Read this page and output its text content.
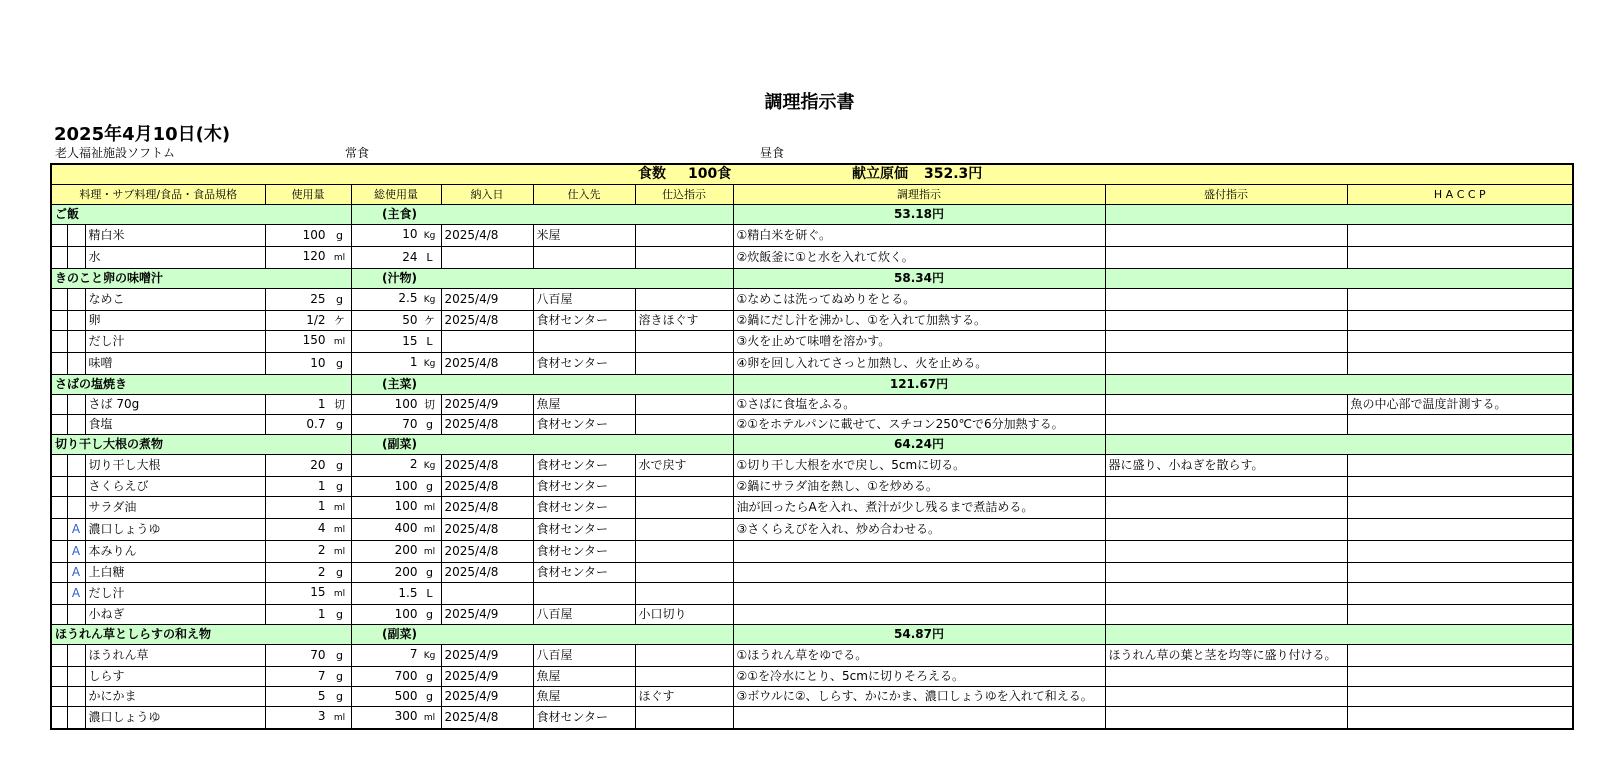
調理指示書
2025年4月10日(木)
老人福祉施設ソフトム	常食	昼食
食数 100食 献立原価 352.3円										

料理・サブ料理/食品・食品規格			使用量	総使用量	納入日	仕入先	仕込指示	調理指示	盛付指示	H A C C P
ご飯 (主食)								53.18円		
		精白米	100 g	10 Kg	2025/4/8	米屋		①精白米を研ぐ。		
		水	120 ml	24 L				②炊飯釜に①と水を入れて炊く。		
きのこと卵の味噌汁 (汁物)								58.34円		
		なめこ	25 g	2.5 Kg	2025/4/9	八百屋		①なめこは洗ってぬめりをとる。		
		卵	1/2 ケ	50 ケ	2025/4/8	食材センター	溶きほぐす	②鍋にだし汁を沸かし、①を入れて加熱する。		
		だし汁	150 ml	15 L				③火を止めて味噌を溶かす。		
		味噌	10 g	1 Kg	2025/4/8	食材センター		④卵を回し入れてさっと加熱し、火を止める。		
さばの塩焼き (主菜)								121.67円		
		さば 70g	1 切	100 切	2025/4/9	魚屋		①さばに食塩をふる。		魚の中心部で温度計測する。
		食塩	0.7 g	70 g	2025/4/8	食材センター		②①をホテルパンに載せて、スチコン250℃で6分加熱する。		
切り干し大根の煮物 (副菜)								64.24円		
		切り干し大根	20 g	2 Kg	2025/4/8	食材センター	水で戻す	①切り干し大根を水で戻し、5cmに切る。	器に盛り、小ねぎを散らす。	
		さくらえび	1 g	100 g	2025/4/8	食材センター		②鍋にサラダ油を熱し、①を炒める。		
		サラダ油	1 ml	100 ml	2025/4/8	食材センター		油が回ったらAを入れ、煮汁が少し残るまで煮詰める。		
	A	濃口しょうゆ	4 ml	400 ml	2025/4/8	食材センター		③さくらえびを入れ、炒め合わせる。		
	A	本みりん	2 ml	200 ml	2025/4/8	食材センター				
	A	上白糖	2 g	200 g	2025/4/8	食材センター				
	A	だし汁	15 ml	1.5 L						
		小ねぎ	1 g	100 g	2025/4/9	八百屋	小口切り			
ほうれん草としらすの和え物 (副菜)								54.87円		
		ほうれん草	70 g	7 Kg	2025/4/9	八百屋		①ほうれん草をゆでる。	ほうれん草の葉と茎を均等に盛り付ける。	
		しらす	7 g	700 g	2025/4/9	魚屋		②①を冷水にとり、5cmに切りそろえる。		
		かにかま	5 g	500 g	2025/4/9	魚屋	ほぐす	③ボウルに②、しらす、かにかま、濃口しょうゆを入れて和える。		
		濃口しょうゆ	3 ml	300 ml	2025/4/8	食材センター				
